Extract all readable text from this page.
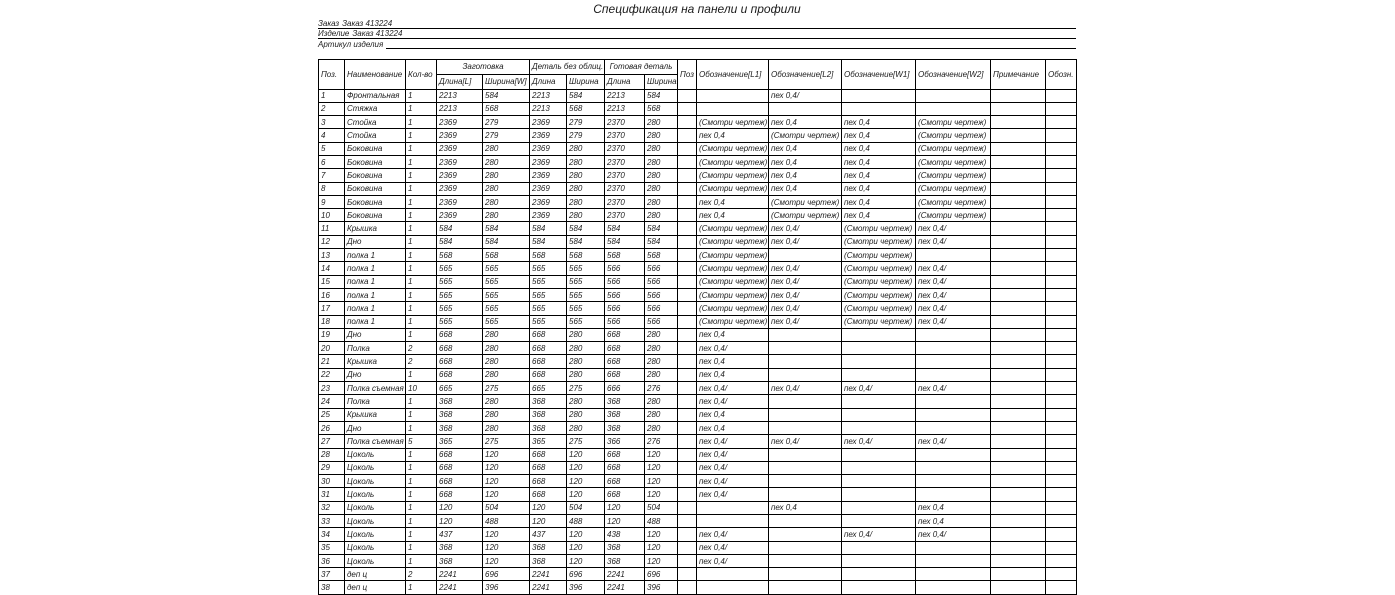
Спецификация на панели и профили
Заказ Заказ 413224
Изделие Заказ 413224
Артикул изделия
Поз.	Наименование	Кол-во	Заготовка		Деталь без облиц.		Готовая деталь		Поз	Обозначение[L1]	Обозначение[L2]	Обозначение[W1]	Обозначение[W2]	Примечание	Обозн.
			Длина[L]	Ширина[W]	Длина	Ширина	Длина	Ширина							
1	Фронтальная	1	2213	584	2213	584	2213	584			пех 0,4/				
2	Стяжка	1	2213	568	2213	568	2213	568							
3	Стойка	1	2369	279	2369	279	2370	280		(Смотри чертеж)	пех 0,4	пех 0,4	(Смотри чертеж)		
4	Стойка	1	2369	279	2369	279	2370	280		пех 0,4	(Смотри чертеж)	пех 0,4	(Смотри чертеж)		
5	Боковина	1	2369	280	2369	280	2370	280		(Смотри чертеж)	пех 0,4	пех 0,4	(Смотри чертеж)		
6	Боковина	1	2369	280	2369	280	2370	280		(Смотри чертеж)	пех 0,4	пех 0,4	(Смотри чертеж)		
7	Боковина	1	2369	280	2369	280	2370	280		(Смотри чертеж)	пех 0,4	пех 0,4	(Смотри чертеж)		
8	Боковина	1	2369	280	2369	280	2370	280		(Смотри чертеж)	пех 0,4	пех 0,4	(Смотри чертеж)		
9	Боковина	1	2369	280	2369	280	2370	280		пех 0,4	(Смотри чертеж)	пех 0,4	(Смотри чертеж)		
10	Боковина	1	2369	280	2369	280	2370	280		пех 0,4	(Смотри чертеж)	пех 0,4	(Смотри чертеж)		
11	Крышка	1	584	584	584	584	584	584		(Смотри чертеж)	пех 0,4/	(Смотри чертеж)	пех 0,4/		
12	Дно	1	584	584	584	584	584	584		(Смотри чертеж)	пех 0,4/	(Смотри чертеж)	пех 0,4/		
13	полка 1	1	568	568	568	568	568	568		(Смотри чертеж)		(Смотри чертеж)			
14	полка 1	1	565	565	565	565	566	566		(Смотри чертеж)	пех 0,4/	(Смотри чертеж)	пех 0,4/		
15	полка 1	1	565	565	565	565	566	566		(Смотри чертеж)	пех 0,4/	(Смотри чертеж)	пех 0,4/		
16	полка 1	1	565	565	565	565	566	566		(Смотри чертеж)	пех 0,4/	(Смотри чертеж)	пех 0,4/		
17	полка 1	1	565	565	565	565	566	566		(Смотри чертеж)	пех 0,4/	(Смотри чертеж)	пех 0,4/		
18	полка 1	1	565	565	565	565	566	566		(Смотри чертеж)	пех 0,4/	(Смотри чертеж)	пех 0,4/		
19	Дно	1	668	280	668	280	668	280		пех 0,4					
20	Полка	2	668	280	668	280	668	280		пех 0,4/					
21	Крышка	2	668	280	668	280	668	280		пех 0,4					
22	Дно	1	668	280	668	280	668	280		пех 0,4					
23	Полка съемная	10	665	275	665	275	666	276		пех 0,4/	пех 0,4/	пех 0,4/	пех 0,4/		
24	Полка	1	368	280	368	280	368	280		пех 0,4/					
25	Крышка	1	368	280	368	280	368	280		пех 0,4					
26	Дно	1	368	280	368	280	368	280		пех 0,4					
27	Полка съемная	5	365	275	365	275	366	276		пех 0,4/	пех 0,4/	пех 0,4/	пех 0,4/		
28	Цоколь	1	668	120	668	120	668	120		пех 0,4/					
29	Цоколь	1	668	120	668	120	668	120		пех 0,4/					
30	Цоколь	1	668	120	668	120	668	120		пех 0,4/					
31	Цоколь	1	668	120	668	120	668	120		пех 0,4/					
32	Цоколь	1	120	504	120	504	120	504			пех 0,4		пех 0,4		
33	Цоколь	1	120	488	120	488	120	488					пех 0,4		
34	Цоколь	1	437	120	437	120	438	120		пех 0,4/		пех 0,4/	пех 0,4/		
35	Цоколь	1	368	120	368	120	368	120		пех 0,4/					
36	Цоколь	1	368	120	368	120	368	120		пех 0,4/					
37	деп ц	2	2241	696	2241	696	2241	696							
38	деп ц	1	2241	396	2241	396	2241	396							
